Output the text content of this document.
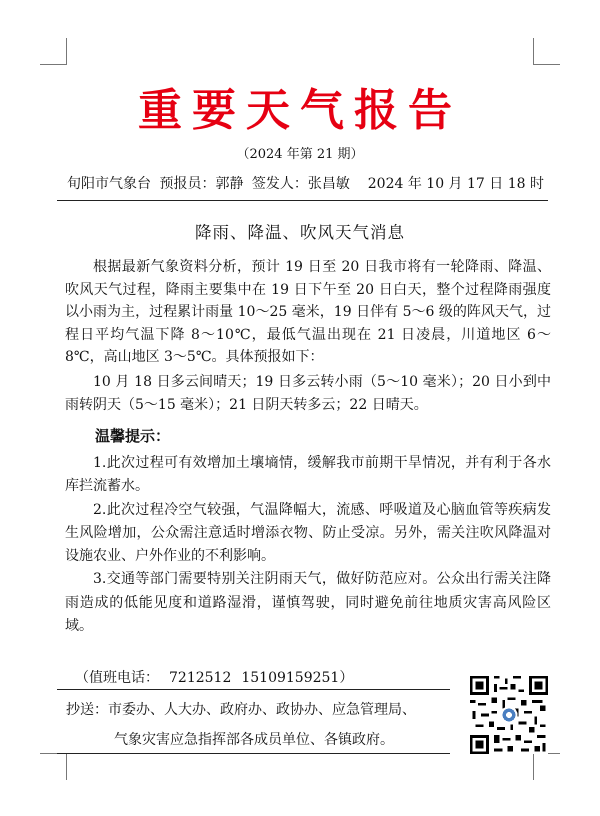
重要天气报告
（2024 年第 21 期）
旬阳市气象台 预报员：郭静 签发人：张昌敏 2024 年 10 月 17 日 18 时
降雨、降温、吹风天气消息

根据最新气象资料分析，预计 19 日至 20 日我市将有一轮降雨、降温、吹风天气过程，降雨主要集中在 19 日下午至 20 日白天，整个过程降雨强度以小雨为主，过程累计雨量 10～25 毫米，19 日伴有 5～6 级的阵风天气，过程日平均气温下降 8～10℃，最低气温出现在 21 日凌晨，川道地区 6～8℃，高山地区 3～5℃。具体预报如下：

10 月 18 日多云间晴天；19 日多云转小雨（5～10 毫米）；20 日小到中雨转阴天（5～15 毫米）；21 日阴天转多云；22 日晴天。

温馨提示：

1.此次过程可有效增加土壤墒情，缓解我市前期干旱情况，并有利于各水库拦流蓄水。

2.此次过程冷空气较强，气温降幅大，流感、呼吸道及心脑血管等疾病发生风险增加，公众需注意适时增添衣物、防止受凉。另外，需关注吹风降温对设施农业、户外作业的不利影响。

3.交通等部门需要特别关注阴雨天气，做好防范应对。公众出行需关注降雨造成的低能见度和道路湿滑，谨慎驾驶，同时避免前往地质灾害高风险区域。

（值班电话： 7212512 15109159251）
抄送：市委办、人大办、政府办、政协办、应急管理局、
气象灾害应急指挥部各成员单位、各镇政府。
